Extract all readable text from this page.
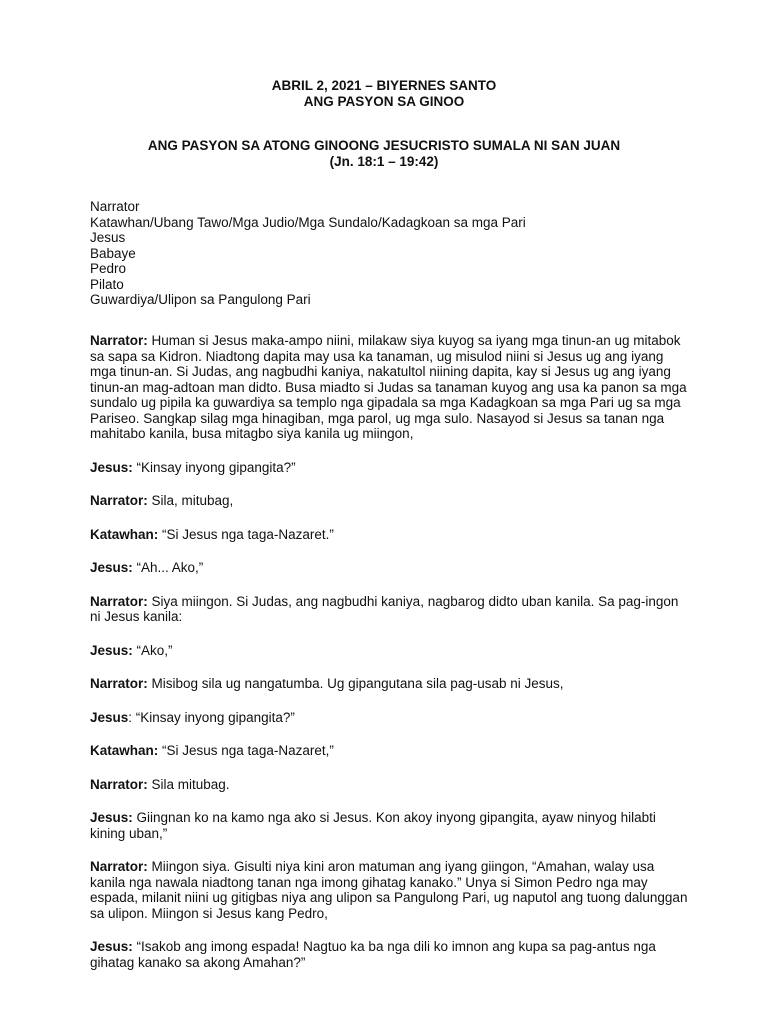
ABRIL 2, 2021 – BIYERNES SANTO

ANG PASYON SA GINOO

ANG PASYON SA ATONG GINOONG JESUCRISTO SUMALA NI SAN JUAN

(Jn. 18:1 – 19:42)

Narrator
Katawhan/Ubang Tawo/Mga Judio/Mga Sundalo/Kadagkoan sa mga Pari
Jesus
Babaye
Pedro
Pilato
Guwardiya/Ulipon sa Pangulong Pari
Narrator: Human si Jesus maka-ampo niini, milakaw siya kuyog sa iyang mga tinun-an ug mitabok sa sapa sa Kidron. Niadtong dapita may usa ka tanaman, ug misulod niini si Jesus ug ang iyang mga tinun-an. Si Judas, ang nagbudhi kaniya, nakatultol niining dapita, kay si Jesus ug ang iyang tinun-an mag-adtoan man didto. Busa miadto si Judas sa tanaman kuyog ang usa ka panon sa mga sundalo ug pipila ka guwardiya sa templo nga gipadala sa mga Kadagkoan sa mga Pari ug sa mga Pariseo. Sangkap silag mga hinagiban, mga parol, ug mga sulo. Nasayod si Jesus sa tanan nga mahitabo kanila, busa mitagbo siya kanila ug miingon,
Jesus: “Kinsay inyong gipangita?”
Narrator: Sila, mitubag,
Katawhan: “Si Jesus nga taga-Nazaret.”
Jesus: “Ah... Ako,”
Narrator: Siya miingon. Si Judas, ang nagbudhi kaniya, nagbarog didto uban kanila. Sa pag-ingon ni Jesus kanila:
Jesus: “Ako,”
Narrator: Misibog sila ug nangatumba. Ug gipangutana sila pag-usab ni Jesus,
Jesus: “Kinsay inyong gipangita?”
Katawhan: “Si Jesus nga taga-Nazaret,”
Narrator: Sila mitubag.
Jesus: Giingnan ko na kamo nga ako si Jesus. Kon akoy inyong gipangita, ayaw ninyog hilabti kining uban,”
Narrator: Miingon siya. Gisulti niya kini aron matuman ang iyang giingon, “Amahan, walay usa kanila nga nawala niadtong tanan nga imong gihatag kanako.” Unya si Simon Pedro nga may espada, milanit niini ug gitigbas niya ang ulipon sa Pangulong Pari, ug naputol ang tuong dalunggan sa ulipon. Miingon si Jesus kang Pedro,
Jesus: “Isakob ang imong espada! Nagtuo ka ba nga dili ko imnon ang kupa sa pag-antus nga gihatag kanako sa akong Amahan?”
